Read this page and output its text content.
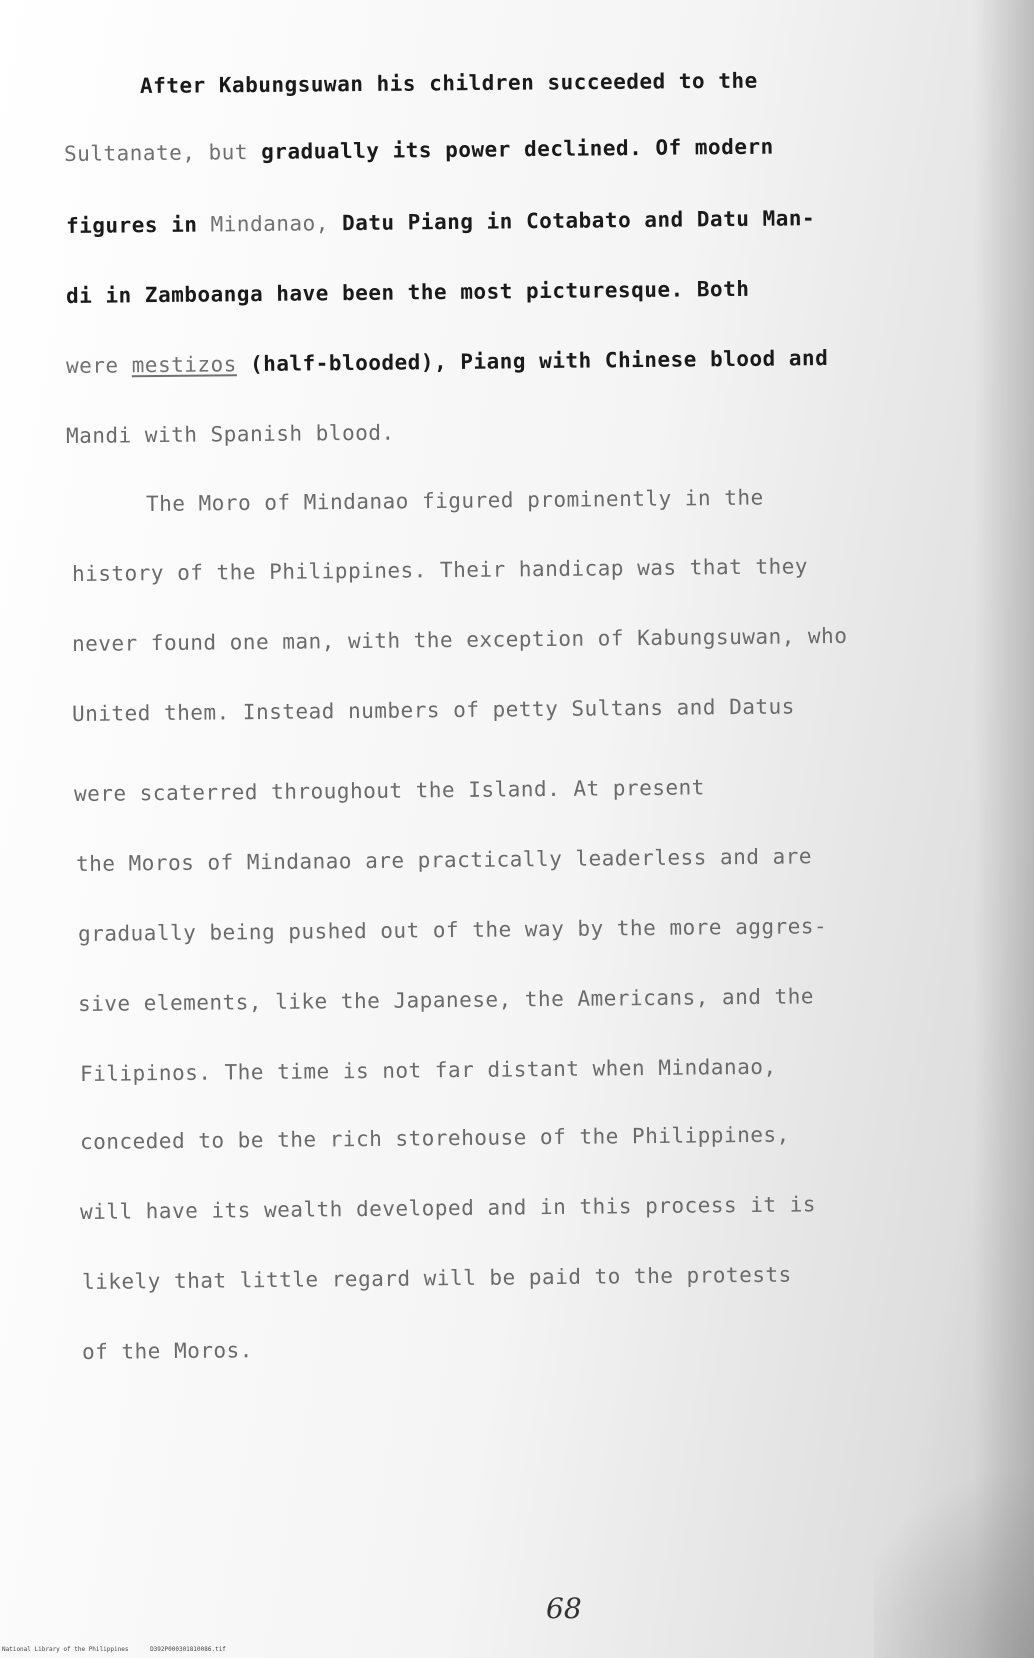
After Kabungsuwan his children succeeded to the
Sultanate, but gradually its power declined. Of modern
figures in Mindanao, Datu Piang in Cotabato and Datu Man-
di in Zamboanga have been the most picturesque. Both
were mestizos (half-blooded), Piang with Chinese blood and
Mandi with Spanish blood.
The Moro of Mindanao figured prominently in the
history of the Philippines. Their handicap was that they
never found one man, with the exception of Kabungsuwan, who
United them. Instead numbers of petty Sultans and Datus
were scaterred throughout the Island. At present
the Moros of Mindanao are practically leaderless and are
gradually being pushed out of the way by the more aggres-
sive elements, like the Japanese, the Americans, and the
Filipinos. The time is not far distant when Mindanao,
conceded to be the rich storehouse of the Philippines,
will have its wealth developed and in this process it is
likely that little regard will be paid to the protests
of the Moros.
68
National Library of the Philippines	D392P000301810086.tif
